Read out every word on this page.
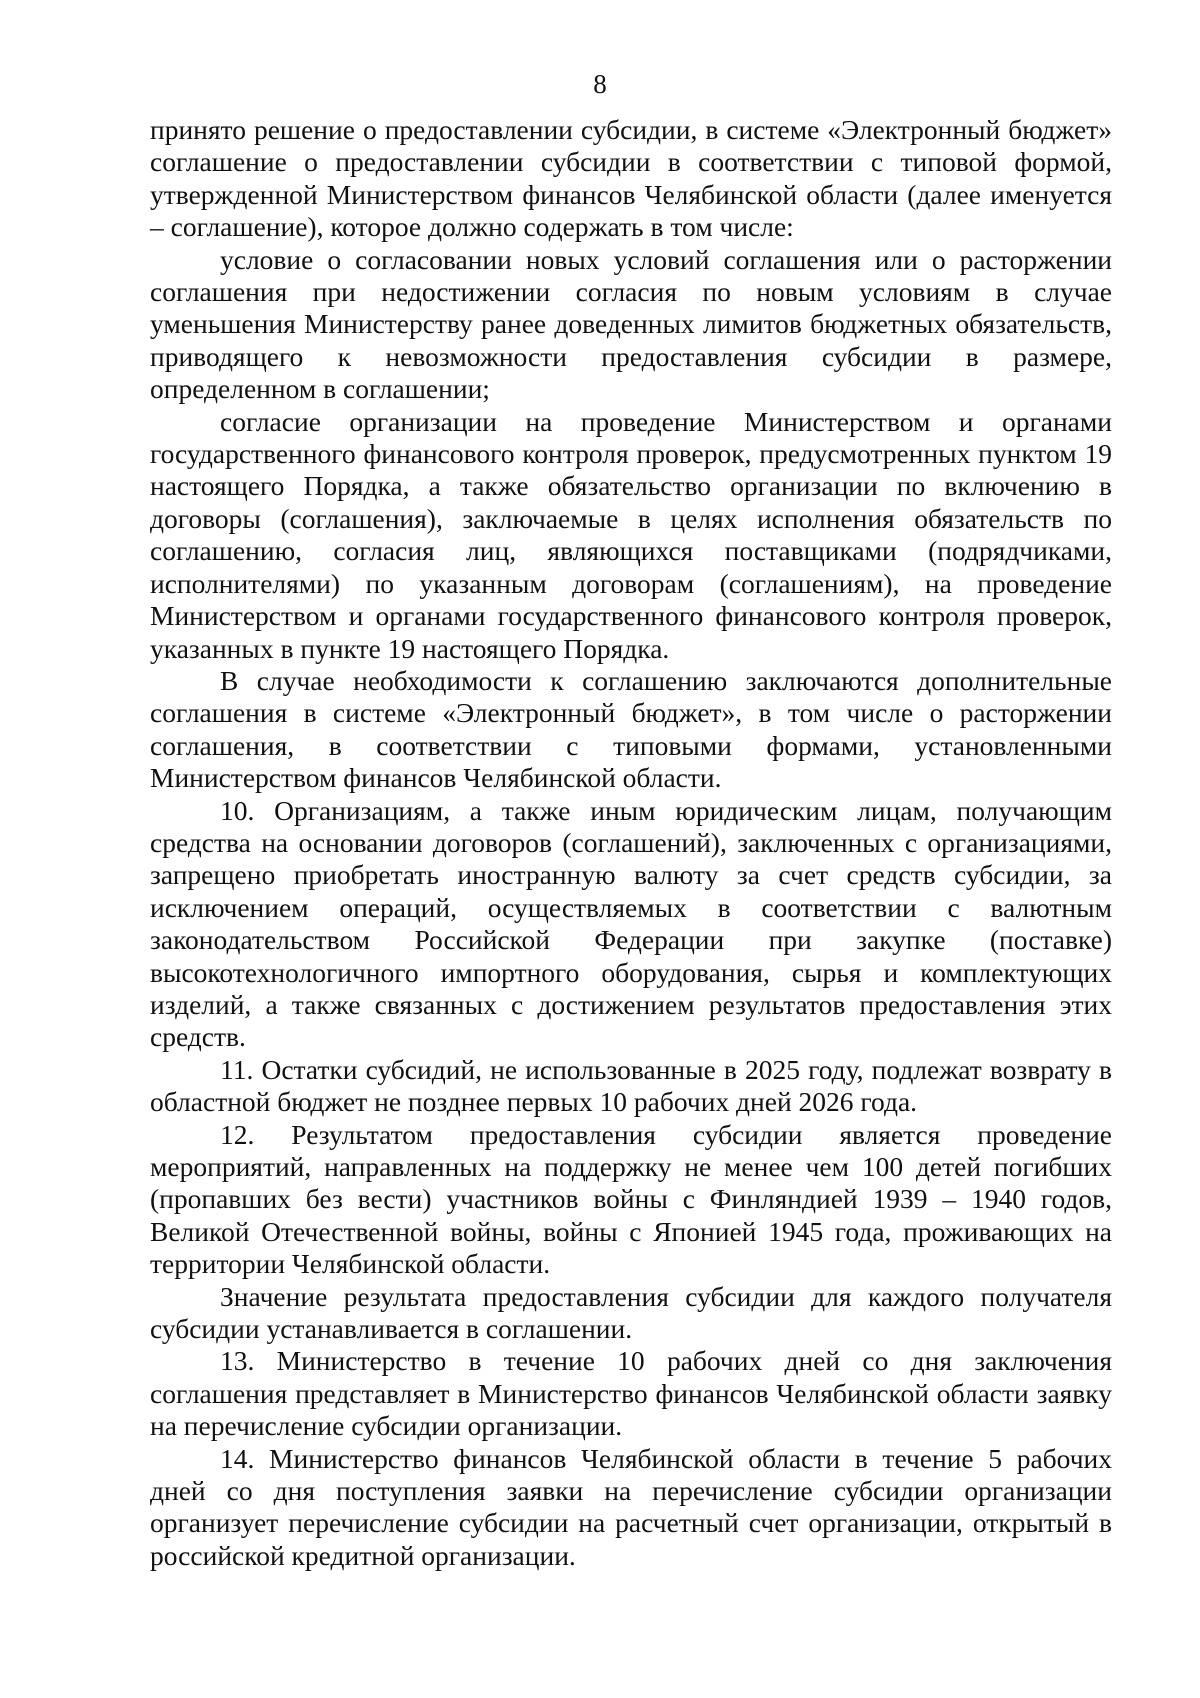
8

принято решение о предоставлении субсидии, в системе «Электронный бюджет» соглашение о предоставлении субсидии в соответствии с типовой формой, утвержденной Министерством финансов Челябинской области (далее именуется – соглашение), которое должно содержать в том числе:

условие о согласовании новых условий соглашения или о расторжении соглашения при недостижении согласия по новым условиям в случае уменьшения Министерству ранее доведенных лимитов бюджетных обязательств, приводящего к невозможности предоставления субсидии в размере, определенном в соглашении;

согласие организации на проведение Министерством и органами государственного финансового контроля проверок, предусмотренных пунктом 19 настоящего Порядка, а также обязательство организации по включению в договоры (соглашения), заключаемые в целях исполнения обязательств по соглашению, согласия лиц, являющихся поставщиками (подрядчиками, исполнителями) по указанным договорам (соглашениям), на проведение Министерством и органами государственного финансового контроля проверок, указанных в пункте 19 настоящего Порядка.

В случае необходимости к соглашению заключаются дополнительные соглашения в системе «Электронный бюджет», в том числе о расторжении соглашения, в соответствии с типовыми формами, установленными Министерством финансов Челябинской области.

10. Организациям, а также иным юридическим лицам, получающим средства на основании договоров (соглашений), заключенных с организациями, запрещено приобретать иностранную валюту за счет средств субсидии, за исключением операций, осуществляемых в соответствии с валютным законодательством Российской Федерации при закупке (поставке) высокотехнологичного импортного оборудования, сырья и комплектующих изделий, а также связанных с достижением результатов предоставления этих средств.

11. Остатки субсидий, не использованные в 2025 году, подлежат возврату в областной бюджет не позднее первых 10 рабочих дней 2026 года.

12. Результатом предоставления субсидии является проведение мероприятий, направленных на поддержку не менее чем 100 детей погибших (пропавших без вести) участников войны с Финляндией 1939 – 1940 годов, Великой Отечественной войны, войны с Японией 1945 года, проживающих на территории Челябинской области.

Значение результата предоставления субсидии для каждого получателя субсидии устанавливается в соглашении.

13. Министерство в течение 10 рабочих дней со дня заключения соглашения представляет в Министерство финансов Челябинской области заявку на перечисление субсидии организации.

14. Министерство финансов Челябинской области в течение 5 рабочих дней со дня поступления заявки на перечисление субсидии организации организует перечисление субсидии на расчетный счет организации, открытый в российской кредитной организации.
